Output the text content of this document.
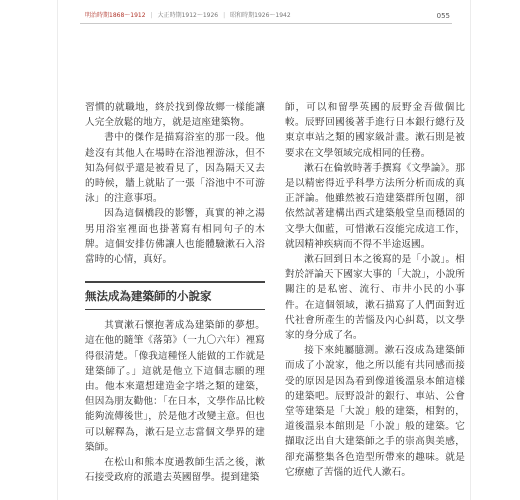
明治時期1868～1912 | 大正時期1912～1926 | 昭和時期1926～1942	055

習慣的就職地，終於找到像故鄉一樣能讓人完全放鬆的地方，就是這座建築物。

書中的傑作是描寫浴室的那一段。他趁沒有其他人在場時在浴池裡游泳，但不知為何似乎還是被看見了，因為隔天又去的時候，牆上就貼了一張「浴池中不可游泳」的注意事項。

因為這個橋段的影響，真實的神之湯男用浴室裡面也掛著寫有相同句子的木牌。這個安排仿佛讓人也能體驗漱石入浴當時的心情，真好。

無法成為建築師的小說家

其實漱石懷抱著成為建築師的夢想。這在他的隨筆《落第》（一九〇六年）裡寫得很清楚。「像我這種怪人能做的工作就是建築師了。」這就是他立下這個志願的理由。他本來還想建造金字塔之類的建築，但因為朋友勸他：「在日本，文學作品比較能夠流傳後世」，於是他才改變主意。但也可以解釋為，漱石是立志當個文學界的建築師。

在松山和熊本度過教師生活之後，漱石接受政府的派遣去英國留學。提到建築

師，可以和留學英國的辰野金吾做個比較。辰野回國後著手進行日本銀行總行及東京車站之類的國家級計畫。漱石則是被要求在文學領域完成相同的任務。

漱石在倫敦時著手撰寫《文學論》。那是以精密得近乎科學方法所分析而成的真正評論。他雖然被石造建築群所包圍，卻依然試著建構出西式建築般堂皇而穩固的文學大伽藍，可惜漱石沒能完成這工作，就因精神疾病而不得不半途返國。

漱石回到日本之後寫的是「小說」。相對於評論天下國家大事的「大說」，小說所關注的是私密、流行、市井小民的小事件。在這個領域，漱石描寫了人們面對近代社會所產生的苦惱及內心糾葛，以文學家的身分成了名。

接下來純屬臆測。漱石沒成為建築師而成了小說家，他之所以能有共同感而接受的原因是因為看到像道後溫泉本館這樣的建築吧。辰野設計的銀行、車站、公會堂等建築是「大說」般的建築，相對的，道後溫泉本館則是「小說」般的建築。它擷取泛出自大建築師之手的崇高與美感，卻充滿整集各色造型所帶來的趣味。就是它療癒了苦惱的近代人漱石。
